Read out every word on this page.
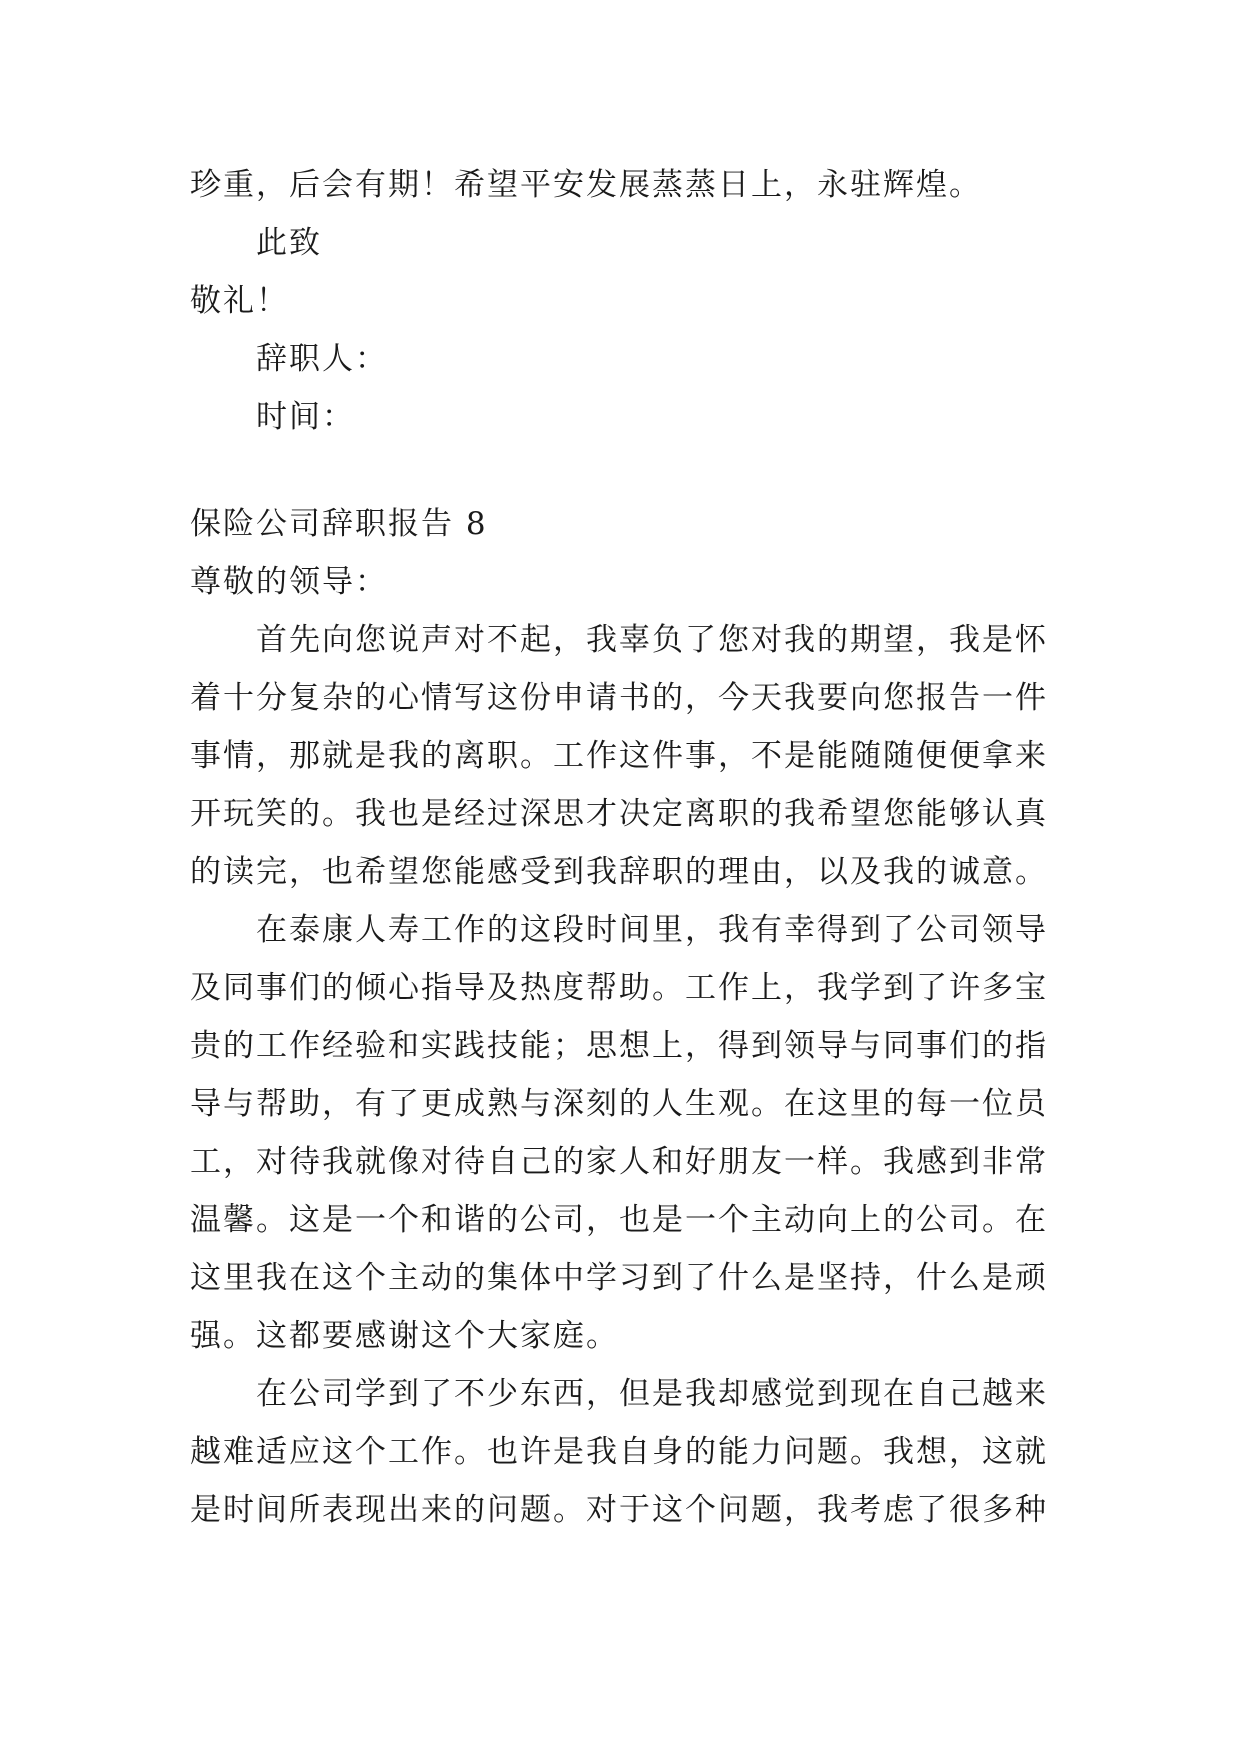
珍重，后会有期！希望平安发展蒸蒸日上，永驻辉煌。

此致

敬礼！

辞职人：

时间：

保险公司辞职报告 8

尊敬的领导：

首先向您说声对不起，我辜负了您对我的期望，我是怀

着十分复杂的心情写这份申请书的，今天我要向您报告一件

事情，那就是我的离职。工作这件事，不是能随随便便拿来

开玩笑的。我也是经过深思才决定离职的我希望您能够认真

的读完，也希望您能感受到我辞职的理由，以及我的诚意。

在泰康人寿工作的这段时间里，我有幸得到了公司领导

及同事们的倾心指导及热度帮助。工作上，我学到了许多宝

贵的工作经验和实践技能；思想上，得到领导与同事们的指

导与帮助，有了更成熟与深刻的人生观。在这里的每一位员

工，对待我就像对待自己的家人和好朋友一样。我感到非常

温馨。这是一个和谐的公司，也是一个主动向上的公司。在

这里我在这个主动的集体中学习到了什么是坚持，什么是顽

强。这都要感谢这个大家庭。

在公司学到了不少东西，但是我却感觉到现在自己越来

越难适应这个工作。也许是我自身的能力问题。我想，这就

是时间所表现出来的问题。对于这个问题，我考虑了很多种
